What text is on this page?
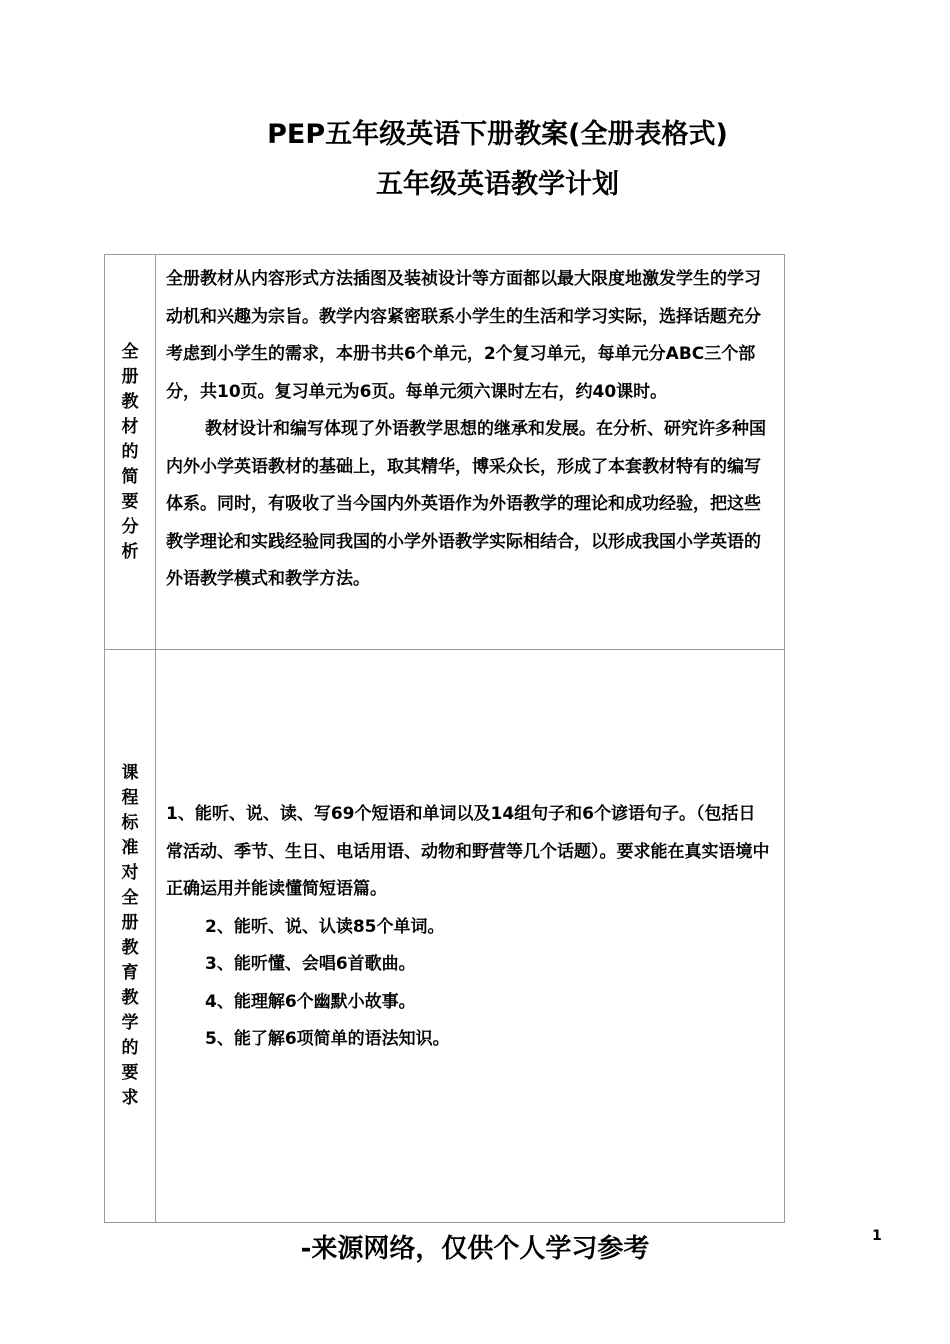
PEP五年级英语下册教案(全册表格式)
五年级英语教学计划
全册教材的简要分析	全册教材从内容形式方法插图及装祯设计等方面都以最大限度地激发学生的学习动机和兴趣为宗旨。教学内容紧密联系小学生的生活和学习实际，选择话题充分考虑到小学生的需求，本册书共6个单元，2个复习单元，每单元分ABC三个部分，共10页。复习单元为6页。每单元须六课时左右，约40课时。

教材设计和编写体现了外语教学思想的继承和发展。在分析、研究许多种国内外小学英语教材的基础上，取其精华，博采众长，形成了本套教材特有的编写体系。同时，有吸收了当今国内外英语作为外语教学的理论和成功经验，把这些教学理论和实践经验同我国的小学外语教学实际相结合，以形成我国小学英语的外语教学模式和教学方法。

课程标准对全册教育教学的要求	1、能听、说、读、写69个短语和单词以及14组句子和6个谚语句子。（包括日常活动、季节、生日、电话用语、动物和野营等几个话题）。要求能在真实语境中正确运用并能读懂简短语篇。

2、能听、说、认读85个单词。

3、能听懂、会唱6首歌曲。

4、能理解6个幽默小故事。

5、能了解6项简单的语法知识。

-来源网络，仅供个人学习参考	1
